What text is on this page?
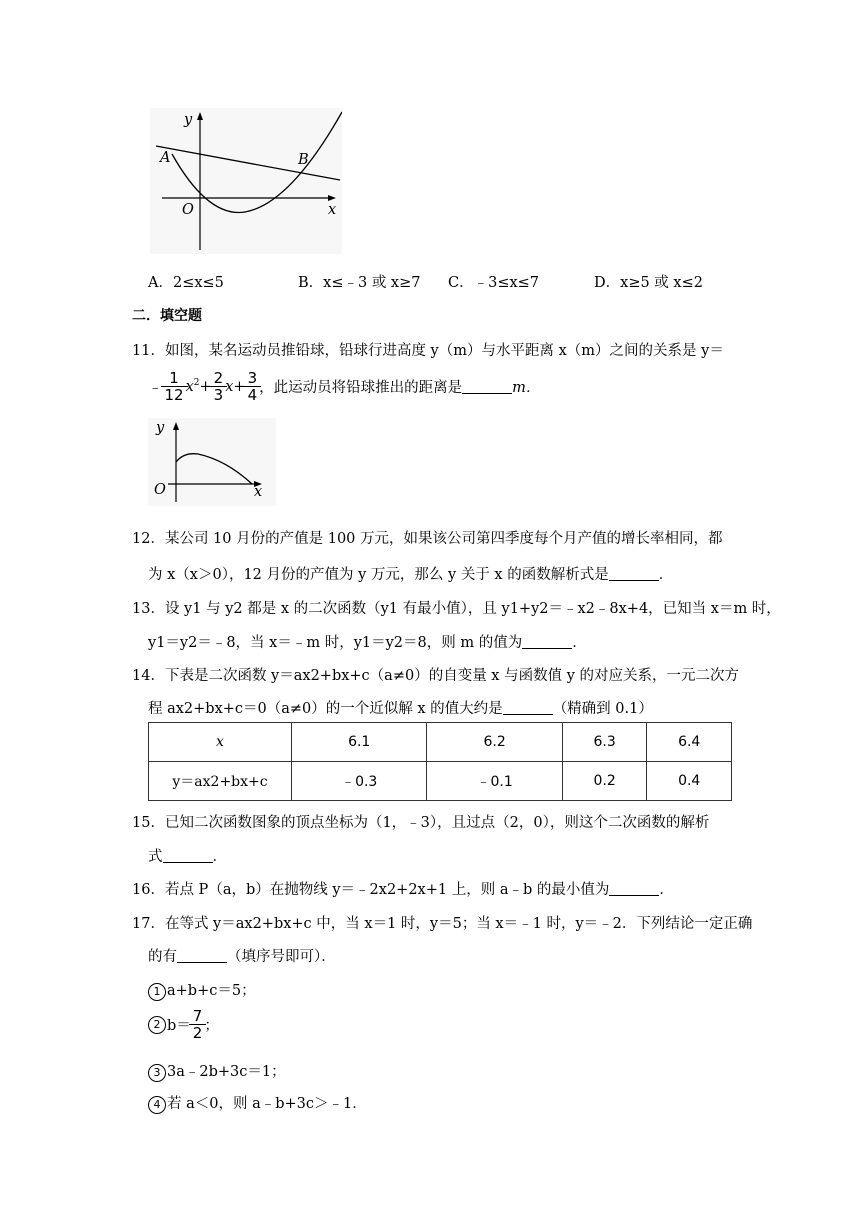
y
A	B
O	x
A．2≤x≤5	B．x≤﹣3 或 x≥7 C．﹣3≤x≤7	D．x≥5 或 x≤2
二．填空题
11．如图，某名运动员推铅球，铅球行进高度 y（m）与水平距离 x（m）之间的关系是 y＝
﹣ $\frac{1}{12} x^2+ \frac{2}{3} x+ \frac{3}{4}$ ，此运动员将铅球推出的距离是	m．
y
O	x
12．某公司 10 月份的产值是 100 万元，如果该公司第四季度每个月产值的增长率相同，都
为 x（x＞0），12 月份的产值为 y 万元，那么 y 关于 x 的函数解析式是	．
13．设 y1 与 y2 都是 x 的二次函数（y1 有最小值），且 y1+y2＝﹣x2﹣8x+4，已知当 x＝m 时，
y1＝y2＝﹣8，当 x＝﹣m 时，y1＝y2＝8，则 m 的值为	．
14．下表是二次函数 y＝ax2+bx+c（a≠0）的自变量 x 与函数值 y 的对应关系，一元二次方
程 ax2+bx+c＝0（a≠0）的一个近似解 x 的值大约是	（精确到 0.1）
x	6.1	6.2	6.3	6.4
y＝ax2+bx+c	﹣0.3	﹣0.1	0.2	0.4
15．已知二次函数图象的顶点坐标为（1，﹣3），且过点（2，0），则这个二次函数的解析
式	．
16．若点 P（a，b）在抛物线 y＝﹣2x2+2x+1 上，则 a﹣b 的最小值为	．
17．在等式 y＝ax2+bx+c 中，当 x＝1 时，y＝5；当 x＝﹣1 时，y＝﹣2．下列结论一定正确
的有	（填序号即可）．
1 a+b+c＝5；
2 $b= \frac{7}{2}$ ；
3 3a﹣2b+3c＝1；
4 若 a＜0，则 a﹣b+3c＞﹣1．
